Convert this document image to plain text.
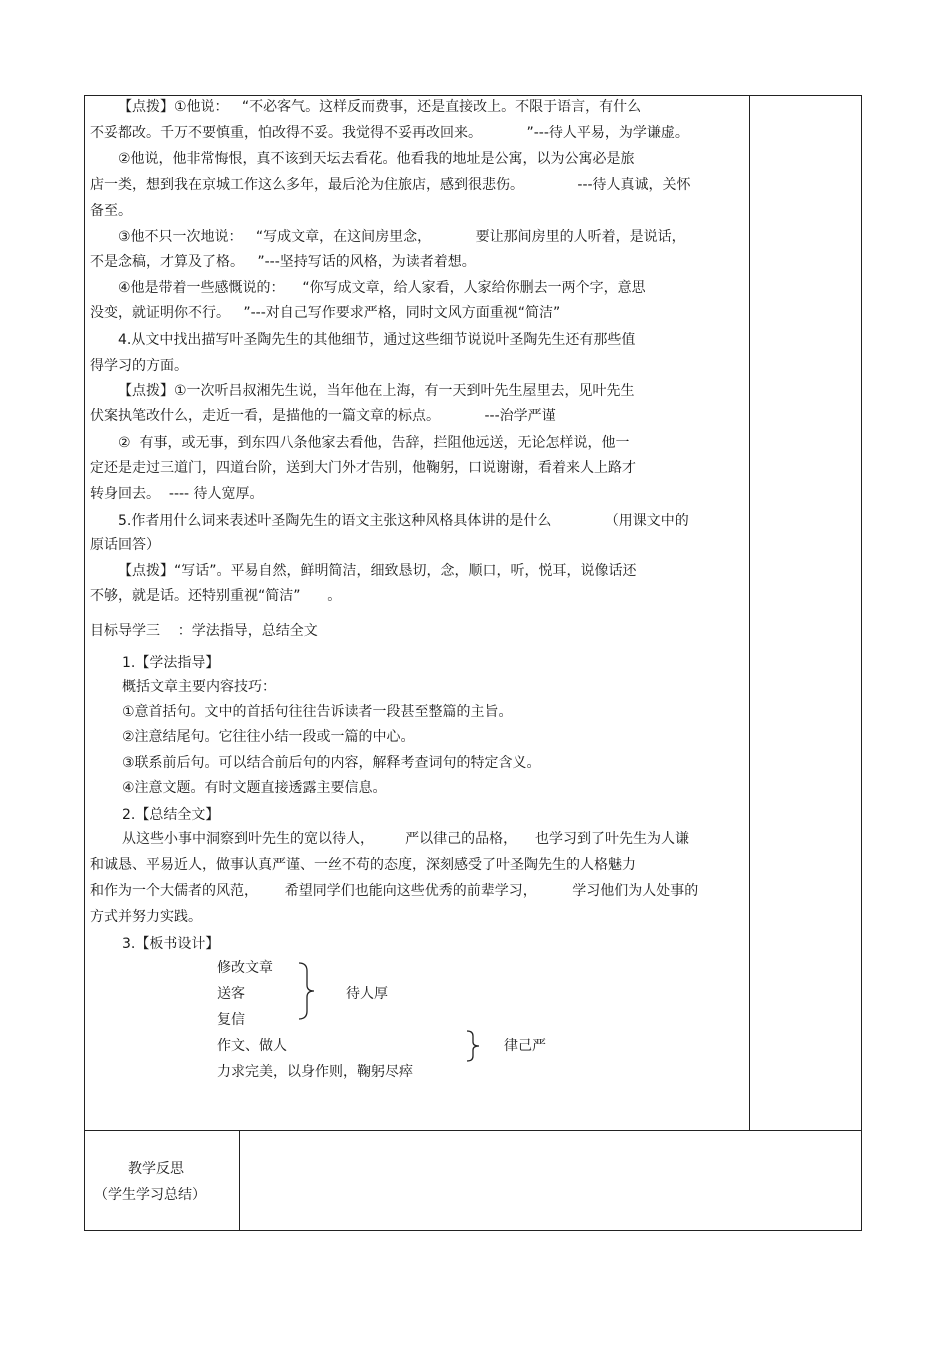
【点拨】①他说：   “不必客气。这样反而费事，还是直接改上。不限于语言，有什么
不妥都改。千万不要慎重，怕改得不妥。我觉得不妥再改回来。          ”---待人平易，为学谦虚。
②他说，他非常悔恨，真不该到天坛去看花。他看我的地址是公寓，以为公寓必是旅
店一类，想到我在京城工作这么多年，最后沦为住旅店，感到很悲伤。            ---待人真诚，关怀
备至。
③他不只一次地说：   “写成文章，在这间房里念，          要让那间房里的人听着，是说话，
不是念稿，才算及了格。   ”---坚持写话的风格，为读者着想。
④他是带着一些感慨说的：    “你写成文章，给人家看，人家给你删去一两个字，意思
没变，就证明你不行。   ”---对自己写作要求严格，同时文风方面重视“简洁”
4.从文中找出描写叶圣陶先生的其他细节，通过这些细节说说叶圣陶先生还有那些值
得学习的方面。
【点拨】①一次听吕叔湘先生说，当年他在上海，有一天到叶先生屋里去，见叶先生
伏案执笔改什么，走近一看，是描他的一篇文章的标点。          ---治学严谨
②  有事，或无事，到东四八条他家去看他，告辞，拦阻他远送，无论怎样说，他一
定还是走过三道门，四道台阶，送到大门外才告别，他鞠躬，口说谢谢，看着来人上路才
转身回去。  ---- 待人宽厚。
5.作者用什么词来表述叶圣陶先生的语文主张这种风格具体讲的是什么            （用课文中的
原话回答）
【点拨】“写话”。平易自然，鲜明简洁，细致恳切，念，顺口，听，悦耳，说像话还
不够，就是话。还特别重视“简洁”      。
目标导学三    ：学法指导，总结全文
1.【学法指导】
概括文章主要内容技巧：
①意首括句。文中的首括句往往告诉读者一段甚至整篇的主旨。
②注意结尾句。它往往小结一段或一篇的中心。
③联系前后句。可以结合前后句的内容，解释考查词句的特定含义。
④注意文题。有时文题直接透露主要信息。
2.【总结全文】
从这些小事中洞察到叶先生的宽以待人，       严以律己的品格，    也学习到了叶先生为人谦
和诚恳、平易近人，做事认真严谨、一丝不苟的态度，深刻感受了叶圣陶先生的人格魅力
和作为一个大儒者的风范，      希望同学们也能向这些优秀的前辈学习，        学习他们为人处事的
方式并努力实践。
3.【板书设计】
修改文章
送客
复信
待人厚
作文、做人
力求完美，以身作则，鞠躬尽瘁
律己严
教学反思
（学生学习总结）
